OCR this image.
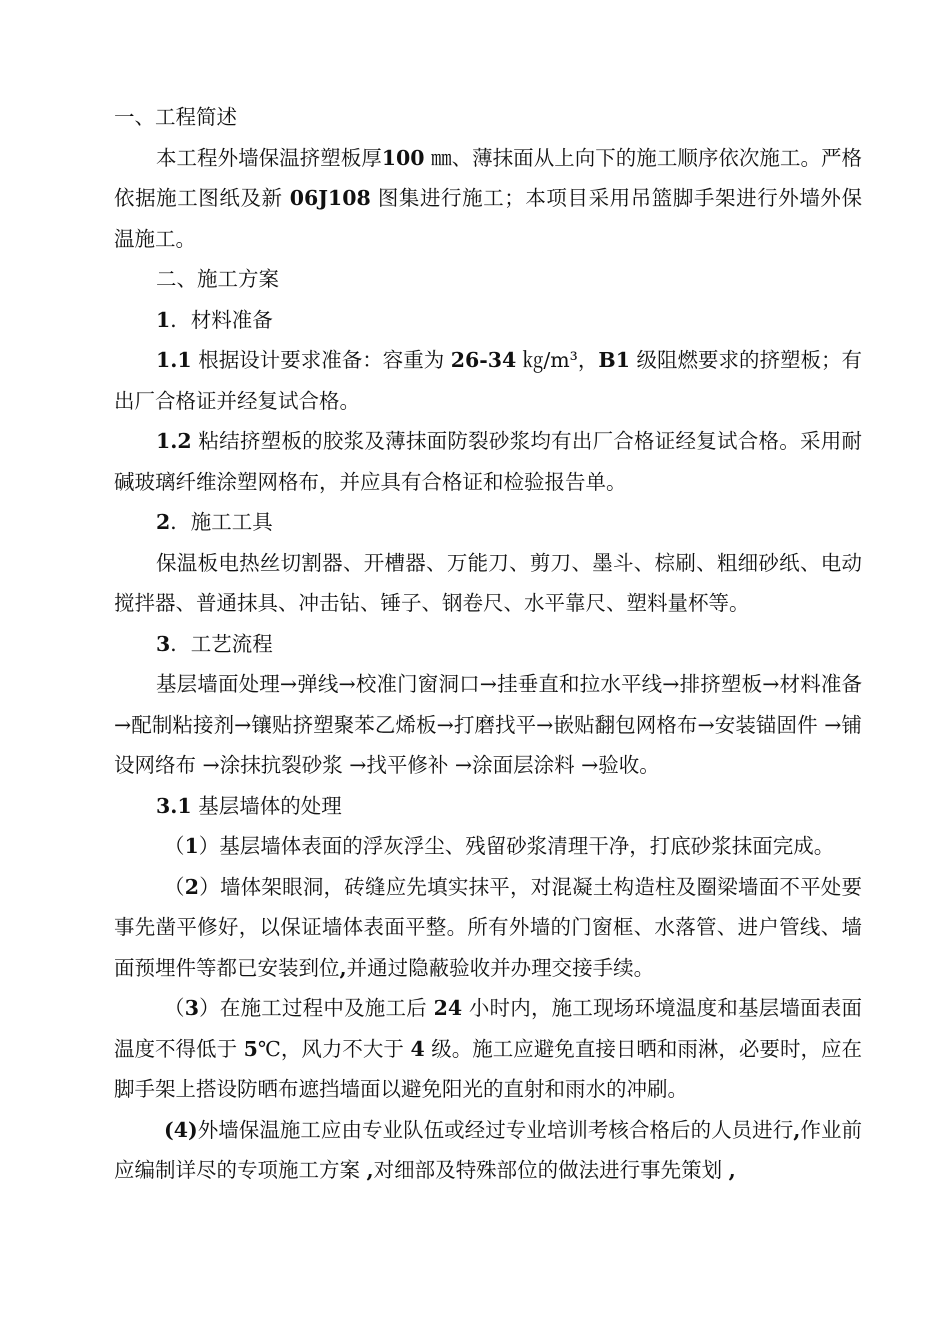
一、工程简述

本工程外墙保温挤塑板厚100 ㎜、薄抹面从上向下的施工顺序依次施工。严格依据施工图纸及新 06J108 图集进行施工；本项目采用吊篮脚手架进行外墙外保温施工。

二、施工方案

1．材料准备

1.1 根据设计要求准备：容重为 26-34 ㎏/m³，B1 级阻燃要求的挤塑板；有出厂合格证并经复试合格。

1.2 粘结挤塑板的胶浆及薄抹面防裂砂浆均有出厂合格证经复试合格。采用耐碱玻璃纤维涂塑网格布，并应具有合格证和检验报告单。

2．施工工具

保温板电热丝切割器、开槽器、万能刀、剪刀、墨斗、棕刷、粗细砂纸、电动搅拌器、普通抹具、冲击钻、锤子、钢卷尺、水平靠尺、塑料量杯等。

3．工艺流程

基层墙面处理→弹线→校准门窗洞口→挂垂直和拉水平线→排挤塑板→材料准备→配制粘接剂→镶贴挤塑聚苯乙烯板→打磨找平→嵌贴翻包网格布→安装锚固件 →铺设网络布 →涂抹抗裂砂浆 →找平修补 →涂面层涂料 →验收。

3.1 基层墙体的处理

（1）基层墙体表面的浮灰浮尘、残留砂浆清理干净，打底砂浆抹面完成。

（2）墙体架眼洞，砖缝应先填实抹平，对混凝土构造柱及圈梁墙面不平处要事先凿平修好，以保证墙体表面平整。所有外墙的门窗框、水落管、进户管线、墙面预埋件等都已安装到位,并通过隐蔽验收并办理交接手续。

（3）在施工过程中及施工后 24 小时内，施工现场环境温度和基层墙面表面温度不得低于 5℃，风力不大于 4 级。施工应避免直接日晒和雨淋，必要时，应在脚手架上搭设防晒布遮挡墙面以避免阳光的直射和雨水的冲刷。

(4)外墙保温施工应由专业队伍或经过专业培训考核合格后的人员进行,作业前应编制详尽的专项施工方案 ,对细部及特殊部位的做法进行事先策划 ,
